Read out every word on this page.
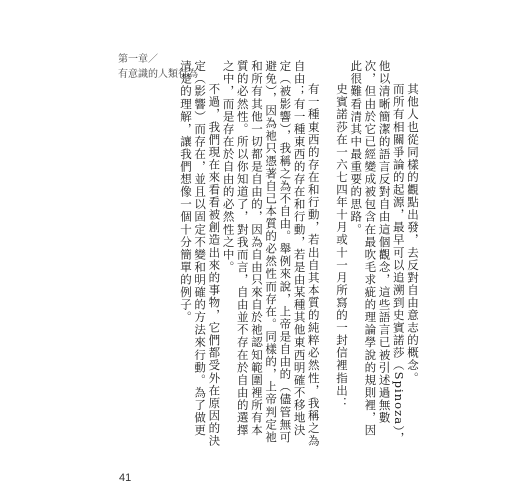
第一章／
有意識的人類行為

其他人也從同樣的觀點出發，去反對自由意志的概念。

而所有相關爭論的起源，最早可以追溯到史賓諾莎（Spinoza），他以清晰簡潔的語言反對自由這個觀念，這些語言已被引述過無數次，但由於它已經變成被包含在最吹毛求疵的理論學說的規則裡，因此很難看清其中最重要的思路。

史賓諾莎在一六七四年十月或十一月所寫的一封信裡指出：

有一種東西的存在和行動，若出自其本質的純粹必然性，我稱之為自由；有一種東西的存在和行動，若是由某種其他東西明確不移地決定（被影響），我稱之為不自由。舉例來說，上帝是自由的（儘管無可避免），因為祂只憑著自己本質的必然性而存在。同樣的，上帝判定祂和所有其他一切都是自由的，因為自由只來自於祂認知範圍裡所有本質的必然性。所以你知道了，對我而言，自由並不存在於自由的選擇之中，而是存在於自由的必然性之中。

不過，我們現在來看看被創造出來的事物，它們都受外在原因的決定（影響）而存在，並且以固定不變和明確的方法來行動。為了做更清楚的理解，讓我們想像一個十分簡單的例子。

41
